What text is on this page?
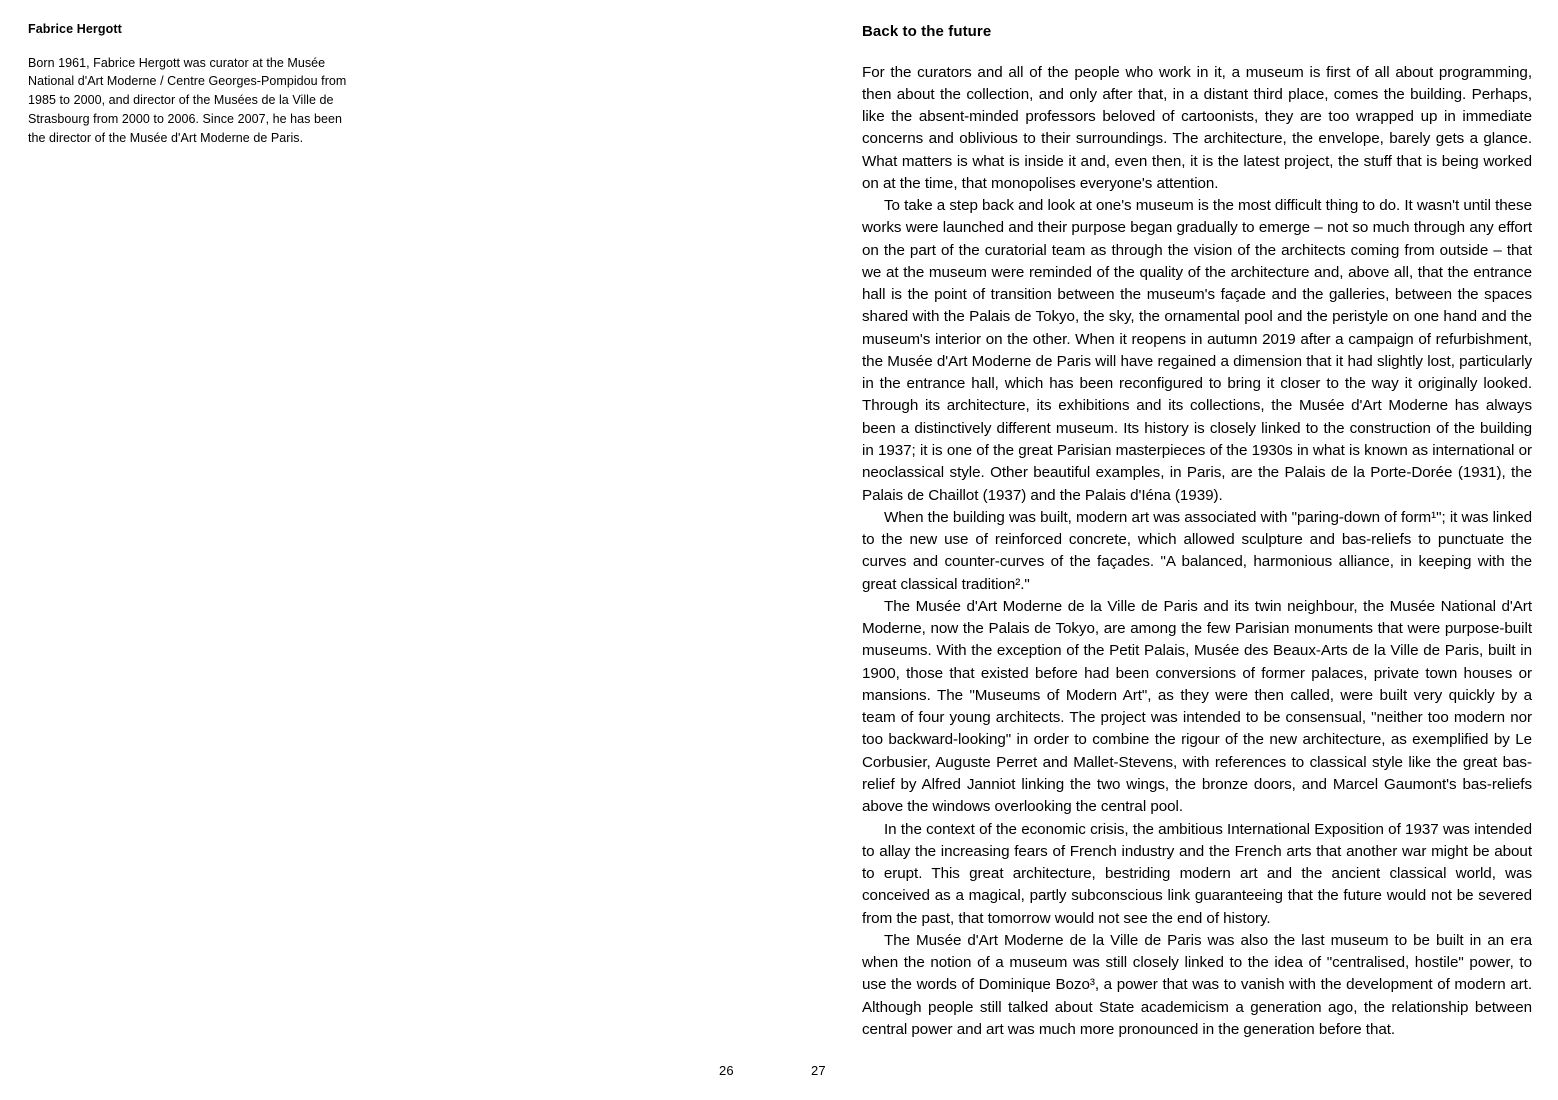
Fabrice Hergott

Born 1961, Fabrice Hergott was curator at the Musée National d'Art Moderne / Centre Georges-Pompidou from 1985 to 2000, and director of the Musées de la Ville de Strasbourg from 2000 to 2006. Since 2007, he has been the director of the Musée d'Art Moderne de Paris.

Back to the future

For the curators and all of the people who work in it, a museum is first of all about programming, then about the collection, and only after that, in a distant third place, comes the building. Perhaps, like the absent-minded professors beloved of cartoonists, they are too wrapped up in immediate concerns and oblivious to their surroundings. The architecture, the envelope, barely gets a glance. What matters is what is inside it and, even then, it is the latest project, the stuff that is being worked on at the time, that monopolises everyone's attention.

To take a step back and look at one's museum is the most difficult thing to do. It wasn't until these works were launched and their purpose began gradually to emerge – not so much through any effort on the part of the curatorial team as through the vision of the architects coming from outside – that we at the museum were reminded of the quality of the architecture and, above all, that the entrance hall is the point of transition between the museum's façade and the galleries, between the spaces shared with the Palais de Tokyo, the sky, the ornamental pool and the peristyle on one hand and the museum's interior on the other. When it reopens in autumn 2019 after a campaign of refurbishment, the Musée d'Art Moderne de Paris will have regained a dimension that it had slightly lost, particularly in the entrance hall, which has been reconfigured to bring it closer to the way it originally looked. Through its architecture, its exhibitions and its collections, the Musée d'Art Moderne has always been a distinctively different museum. Its history is closely linked to the construction of the building in 1937; it is one of the great Parisian masterpieces of the 1930s in what is known as international or neoclassical style. Other beautiful examples, in Paris, are the Palais de la Porte-Dorée (1931), the Palais de Chaillot (1937) and the Palais d'Iéna (1939).

When the building was built, modern art was associated with "paring-down of form¹"; it was linked to the new use of reinforced concrete, which allowed sculpture and bas-reliefs to punctuate the curves and counter-curves of the façades. "A balanced, harmonious alliance, in keeping with the great classical tradition²."

The Musée d'Art Moderne de la Ville de Paris and its twin neighbour, the Musée National d'Art Moderne, now the Palais de Tokyo, are among the few Parisian monuments that were purpose-built museums. With the exception of the Petit Palais, Musée des Beaux-Arts de la Ville de Paris, built in 1900, those that existed before had been conversions of former palaces, private town houses or mansions. The "Museums of Modern Art", as they were then called, were built very quickly by a team of four young architects. The project was intended to be consensual, "neither too modern nor too backward-looking" in order to combine the rigour of the new architecture, as exemplified by Le Corbusier, Auguste Perret and Mallet-Stevens, with references to classical style like the great bas-relief by Alfred Janniot linking the two wings, the bronze doors, and Marcel Gaumont's bas-reliefs above the windows overlooking the central pool.

In the context of the economic crisis, the ambitious International Exposition of 1937 was intended to allay the increasing fears of French industry and the French arts that another war might be about to erupt. This great architecture, bestriding modern art and the ancient classical world, was conceived as a magical, partly subconscious link guaranteeing that the future would not be severed from the past, that tomorrow would not see the end of history.

The Musée d'Art Moderne de la Ville de Paris was also the last museum to be built in an era when the notion of a museum was still closely linked to the idea of "centralised, hostile" power, to use the words of Dominique Bozo³, a power that was to vanish with the development of modern art. Although people still talked about State academicism a generation ago, the relationship between central power and art was much more pronounced in the generation before that.

26	27
